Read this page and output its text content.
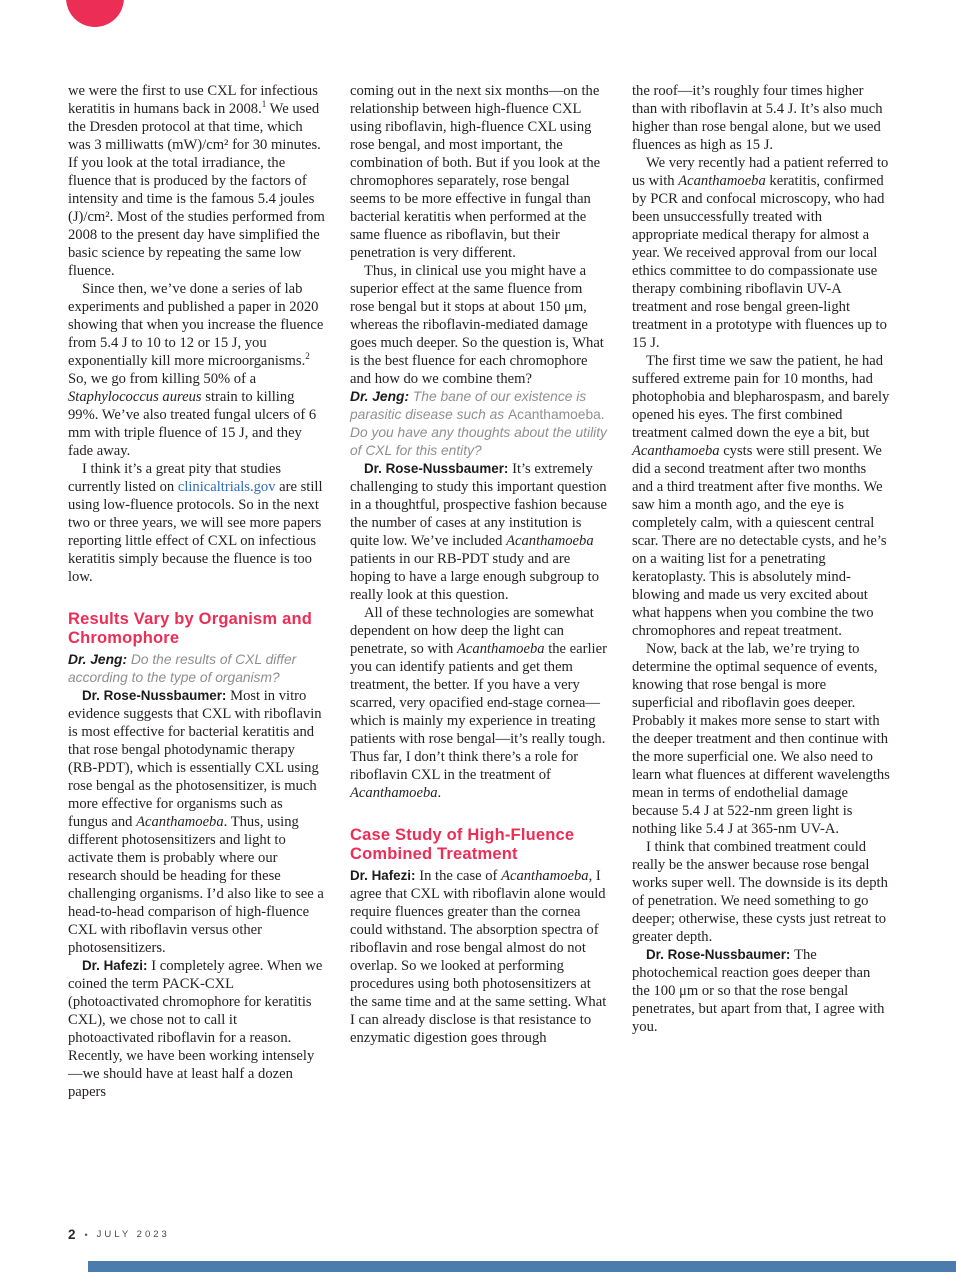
we were the first to use CXL for infectious keratitis in humans back in 2008.$^1$ We used the Dresden protocol at that time, which was 3 milliwatts (mW)/cm² for 30 minutes. If you look at the total irradiance, the fluence that is produced by the factors of intensity and time is the famous 5.4 joules (J)/cm². Most of the studies performed from 2008 to the present day have simplified the basic science by repeating the same low fluence.

Since then, we’ve done a series of lab experiments and published a paper in 2020 showing that when you increase the fluence from 5.4 J to 10 to 12 or 15 J, you exponentially kill more microorganisms.$^2$ So, we go from killing 50% of a Staphylococcus aureus strain to killing 99%. We’ve also treated fungal ulcers of 6 mm with triple fluence of 15 J, and they fade away.

I think it’s a great pity that studies currently listed on clinicaltrials.gov are still using low-fluence protocols. So in the next two or three years, we will see more papers reporting little effect of CXL on infectious keratitis simply because the fluence is too low.

Results Vary by Organism and Chromophore

Dr. Jeng: Do the results of CXL differ according to the type of organism?

Dr. Rose-Nussbaumer: Most in vitro evidence suggests that CXL with riboflavin is most effective for bacterial keratitis and that rose bengal photodynamic therapy (RB-PDT), which is essentially CXL using rose bengal as the photosensitizer, is much more effective for organisms such as fungus and Acanthamoeba. Thus, using different photosensitizers and light to activate them is probably where our research should be heading for these challenging organisms. I’d also like to see a head-to-head comparison of high-fluence CXL with riboflavin versus other photosensitizers.

Dr. Hafezi: I completely agree. When we coined the term PACK-CXL (photoactivated chromophore for keratitis CXL), we chose not to call it photoactivated riboflavin for a reason. Recently, we have been working intensely—we should have at least half a dozen papers

coming out in the next six months—on the relationship between high-fluence CXL using riboflavin, high-fluence CXL using rose bengal, and most important, the combination of both. But if you look at the chromophores separately, rose bengal seems to be more effective in fungal than bacterial keratitis when performed at the same fluence as riboflavin, but their penetration is very different.

Thus, in clinical use you might have a superior effect at the same fluence from rose bengal but it stops at about 150 μm, whereas the riboflavin-mediated damage goes much deeper. So the question is, What is the best fluence for each chromophore and how do we combine them?

Dr. Jeng: The bane of our existence is parasitic disease such as Acanthamoeba. Do you have any thoughts about the utility of CXL for this entity?

Dr. Rose-Nussbaumer: It’s extremely challenging to study this important question in a thoughtful, prospective fashion because the number of cases at any institution is quite low. We’ve included Acanthamoeba patients in our RB-PDT study and are hoping to have a large enough subgroup to really look at this question.

All of these technologies are somewhat dependent on how deep the light can penetrate, so with Acanthamoeba the earlier you can identify patients and get them treatment, the better. If you have a very scarred, very opacified end-stage cornea—which is mainly my experience in treating patients with rose bengal—it’s really tough. Thus far, I don’t think there’s a role for riboflavin CXL in the treatment of Acanthamoeba.

Case Study of High-Fluence Combined Treatment

Dr. Hafezi: In the case of Acanthamoeba, I agree that CXL with riboflavin alone would require fluences greater than the cornea could withstand. The absorption spectra of riboflavin and rose bengal almost do not overlap. So we looked at performing procedures using both photosensitizers at the same time and at the same setting. What I can already disclose is that resistance to enzymatic digestion goes through

the roof—it’s roughly four times higher than with riboflavin at 5.4 J. It’s also much higher than rose bengal alone, but we used fluences as high as 15 J.

We very recently had a patient referred to us with Acanthamoeba keratitis, confirmed by PCR and confocal microscopy, who had been unsuccessfully treated with appropriate medical therapy for almost a year. We received approval from our local ethics committee to do compassionate use therapy combining riboflavin UV-A treatment and rose bengal green-light treatment in a prototype with fluences up to 15 J.

The first time we saw the patient, he had suffered extreme pain for 10 months, had photophobia and blepharospasm, and barely opened his eyes. The first combined treatment calmed down the eye a bit, but Acanthamoeba cysts were still present. We did a second treatment after two months and a third treatment after five months. We saw him a month ago, and the eye is completely calm, with a quiescent central scar. There are no detectable cysts, and he’s on a waiting list for a penetrating keratoplasty. This is absolutely mind-blowing and made us very excited about what happens when you combine the two chromophores and repeat treatment.

Now, back at the lab, we’re trying to determine the optimal sequence of events, knowing that rose bengal is more superficial and riboflavin goes deeper. Probably it makes more sense to start with the deeper treatment and then continue with the more superficial one. We also need to learn what fluences at different wavelengths mean in terms of endothelial damage because 5.4 J at 522-nm green light is nothing like 5.4 J at 365-nm UV-A.

I think that combined treatment could really be the answer because rose bengal works super well. The downside is its depth of penetration. We need something to go deeper; otherwise, these cysts just retreat to greater depth.

Dr. Rose-Nussbaumer: The photochemical reaction goes deeper than the 100 μm or so that the rose bengal penetrates, but apart from that, I agree with you.

2 • JULY 2023
